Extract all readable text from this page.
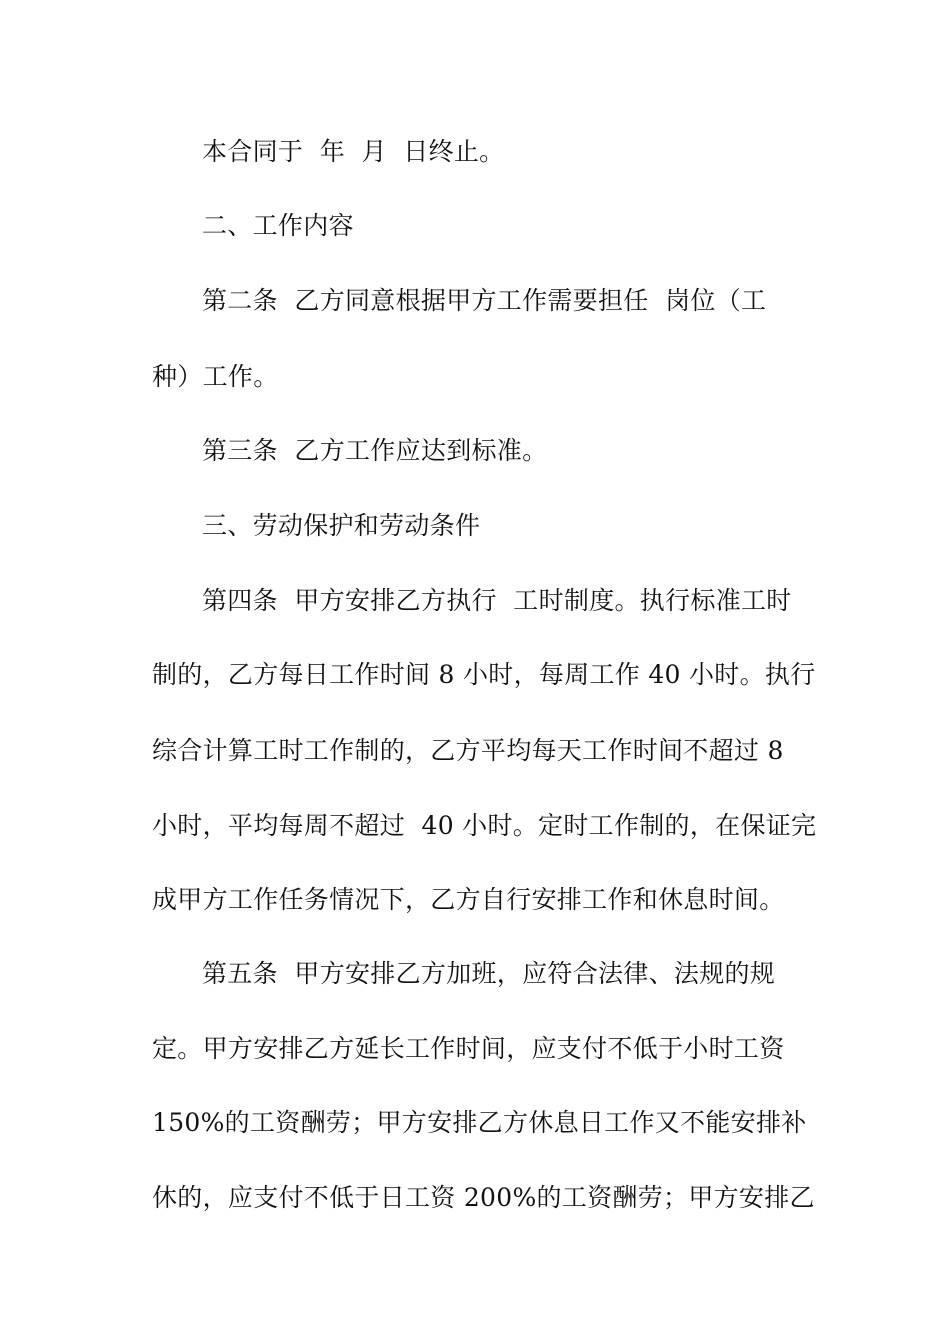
本合同于  年  月  日终止。
二、工作内容
第二条  乙方同意根据甲方工作需要担任  岗位（工
种）工作。
第三条  乙方工作应达到标准。
三、劳动保护和劳动条件
第四条  甲方安排乙方执行  工时制度。执行标准工时
制的，乙方每日工作时间 8 小时，每周工作 40 小时。执行
综合计算工时工作制的，乙方平均每天工作时间不超过 8
小时，平均每周不超过  40 小时。定时工作制的，在保证完
成甲方工作任务情况下，乙方自行安排工作和休息时间。
第五条  甲方安排乙方加班，应符合法律、法规的规
定。甲方安排乙方延长工作时间，应支付不低于小时工资
150%的工资酬劳；甲方安排乙方休息日工作又不能安排补
休的，应支付不低于日工资 200%的工资酬劳；甲方安排乙
